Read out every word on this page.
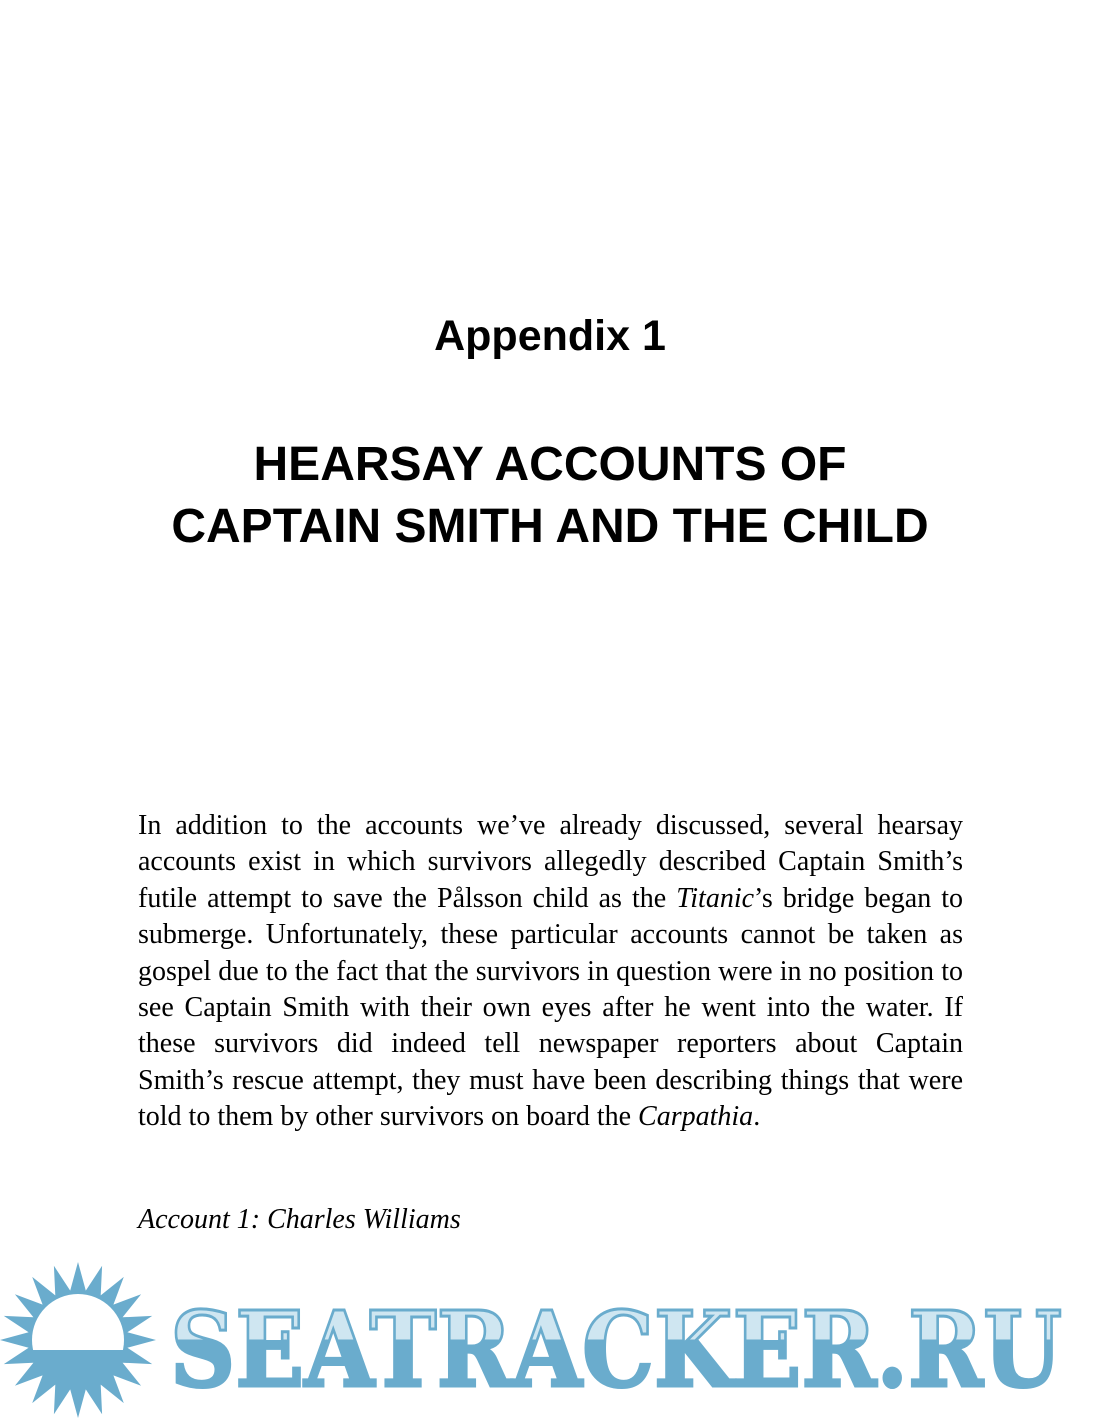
Appendix 1
HEARSAY ACCOUNTS OF
CAPTAIN SMITH AND THE CHILD

In addition to the accounts we’ve already discussed, several hearsay accounts exist in which survivors allegedly described Captain Smith’s futile attempt to save the Pålsson child as the Titanic’s bridge began to submerge. Unfortunately, these particular accounts cannot be taken as gospel due to the fact that the survivors in question were in no position to see Captain Smith with their own eyes after he went into the water. If these survivors did indeed tell newspaper reporters about Captain Smith’s rescue attempt, they must have been describing things that were told to them by other survivors on board the Carpathia.

Account 1: Charles Williams

SEATRACKER.RU
